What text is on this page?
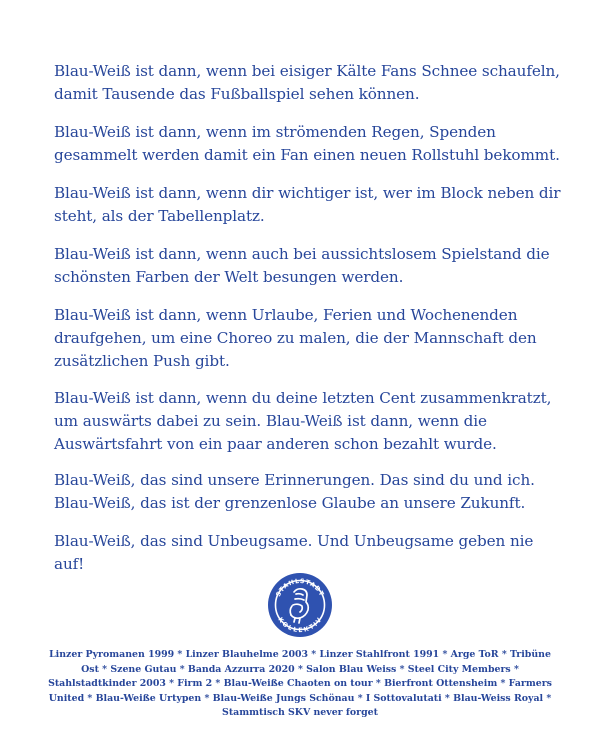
Blau-Weiß ist dann, wenn bei eisiger Kälte Fans Schnee schaufeln, damit Tausende das Fußballspiel sehen können.

Blau-Weiß ist dann, wenn im strömenden Regen, Spenden gesammelt werden damit ein Fan einen neuen Rollstuhl bekommt.

Blau-Weiß ist dann, wenn dir wichtiger ist, wer im Block neben dir steht, als der Tabellenplatz.

Blau-Weiß ist dann, wenn auch bei aussichtslosem Spielstand die schönsten Farben der Welt besungen werden.

Blau-Weiß ist dann, wenn Urlaube, Ferien und Wochenenden draufgehen, um eine Choreo zu malen, die der Mannschaft den zusätzlichen Push gibt.

Blau-Weiß ist dann, wenn du deine letzten Cent zusammenkratzt, um auswärts dabei zu sein. Blau-Weiß ist dann, wenn die Auswärtsfahrt von ein paar anderen schon bezahlt wurde.

Blau-Weiß, das sind unsere Erinnerungen. Das sind du und ich. Blau-Weiß, das ist der grenzenlose Glaube an unsere Zukunft.

Blau-Weiß, das sind Unbeugsame. Und Unbeugsame geben nie auf!

STAHLSTADT
KOLLEKTIV

Linzer Pyromanen 1999 * Linzer Blauhelme 2003 * Linzer Stahlfront 1991 * Arge ToR * Tribüne Ost * Szene Gutau * Banda Azzurra 2020 * Salon Blau Weiss * Steel City Members * Stahlstadtkinder 2003 * Firm 2 * Blau-Weiße Chaoten on tour * Bierfront Ottensheim * Farmers United * Blau-Weiße Urtypen * Blau-Weiße Jungs Schönau * I Sottovalutati * Blau-Weiss Royal * Stammtisch SKV never forget
